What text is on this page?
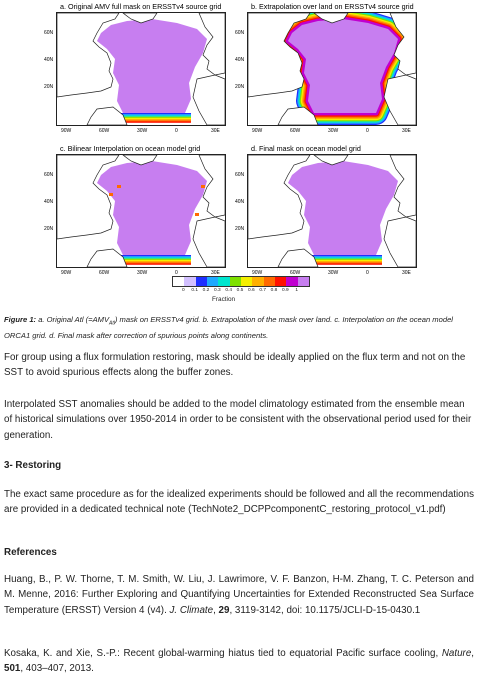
a. Original AMV full mask on ERSSTv4 source grid	b. Extrapolation over land on ERSSTv4 source grid
c. Bilinear Interpolation on ocean model grid	d. Final mask on ocean model grid
0	0.1 0.2 0.3 0.4 0.5 0.6 0.7 0.8 0.9	1
Fraction
60N
40N
20N
90W	60W	30W	0	30E
60N
40N
20N
90W	60W	30W	0	30E
60N
40N
20N
90W	60W	30W	0	30E
60N
40N
20N
90W	60W	30W	0	30E
Figure 1: a. Original Atl $(=AMV_{Atl})$ mask on ERSSTv4 grid. b. Extrapolation of the mask over land. c. Interpolation on the ocean model ORCA1 grid. d. Final mask after correction of spurious points along continents.
For group using a flux formulation restoring, mask should be ideally applied on the flux term and not on the SST to avoid spurious effects along the buffer zones.
Interpolated SST anomalies should be added to the model climatology estimated from the ensemble mean of historical simulations over 1950-2014 in order to be consistent with the observational period used for their generation.
3- Restoring
The exact same procedure as for the idealized experiments should be followed and all the recommendations are provided in a dedicated technical note (TechNote2_DCPPcomponentC_restoring_protocol_v1.pdf)
References
Huang, B., P. W. Thorne, T. M. Smith, W. Liu, J. Lawrimore, V. F. Banzon, H-M. Zhang, T. C. Peterson and M. Menne, 2016: Further Exploring and Quantifying Uncertainties for Extended Reconstructed Sea Surface Temperature (ERSST) Version 4 (v4). J. Climate, 29, 3119-3142, doi: 10.1175/JCLI-D-15-0430.1
Kosaka, K. and Xie, S.-P.: Recent global-warming hiatus tied to equatorial Pacific surface cooling, Nature, 501, 403–407, 2013.
